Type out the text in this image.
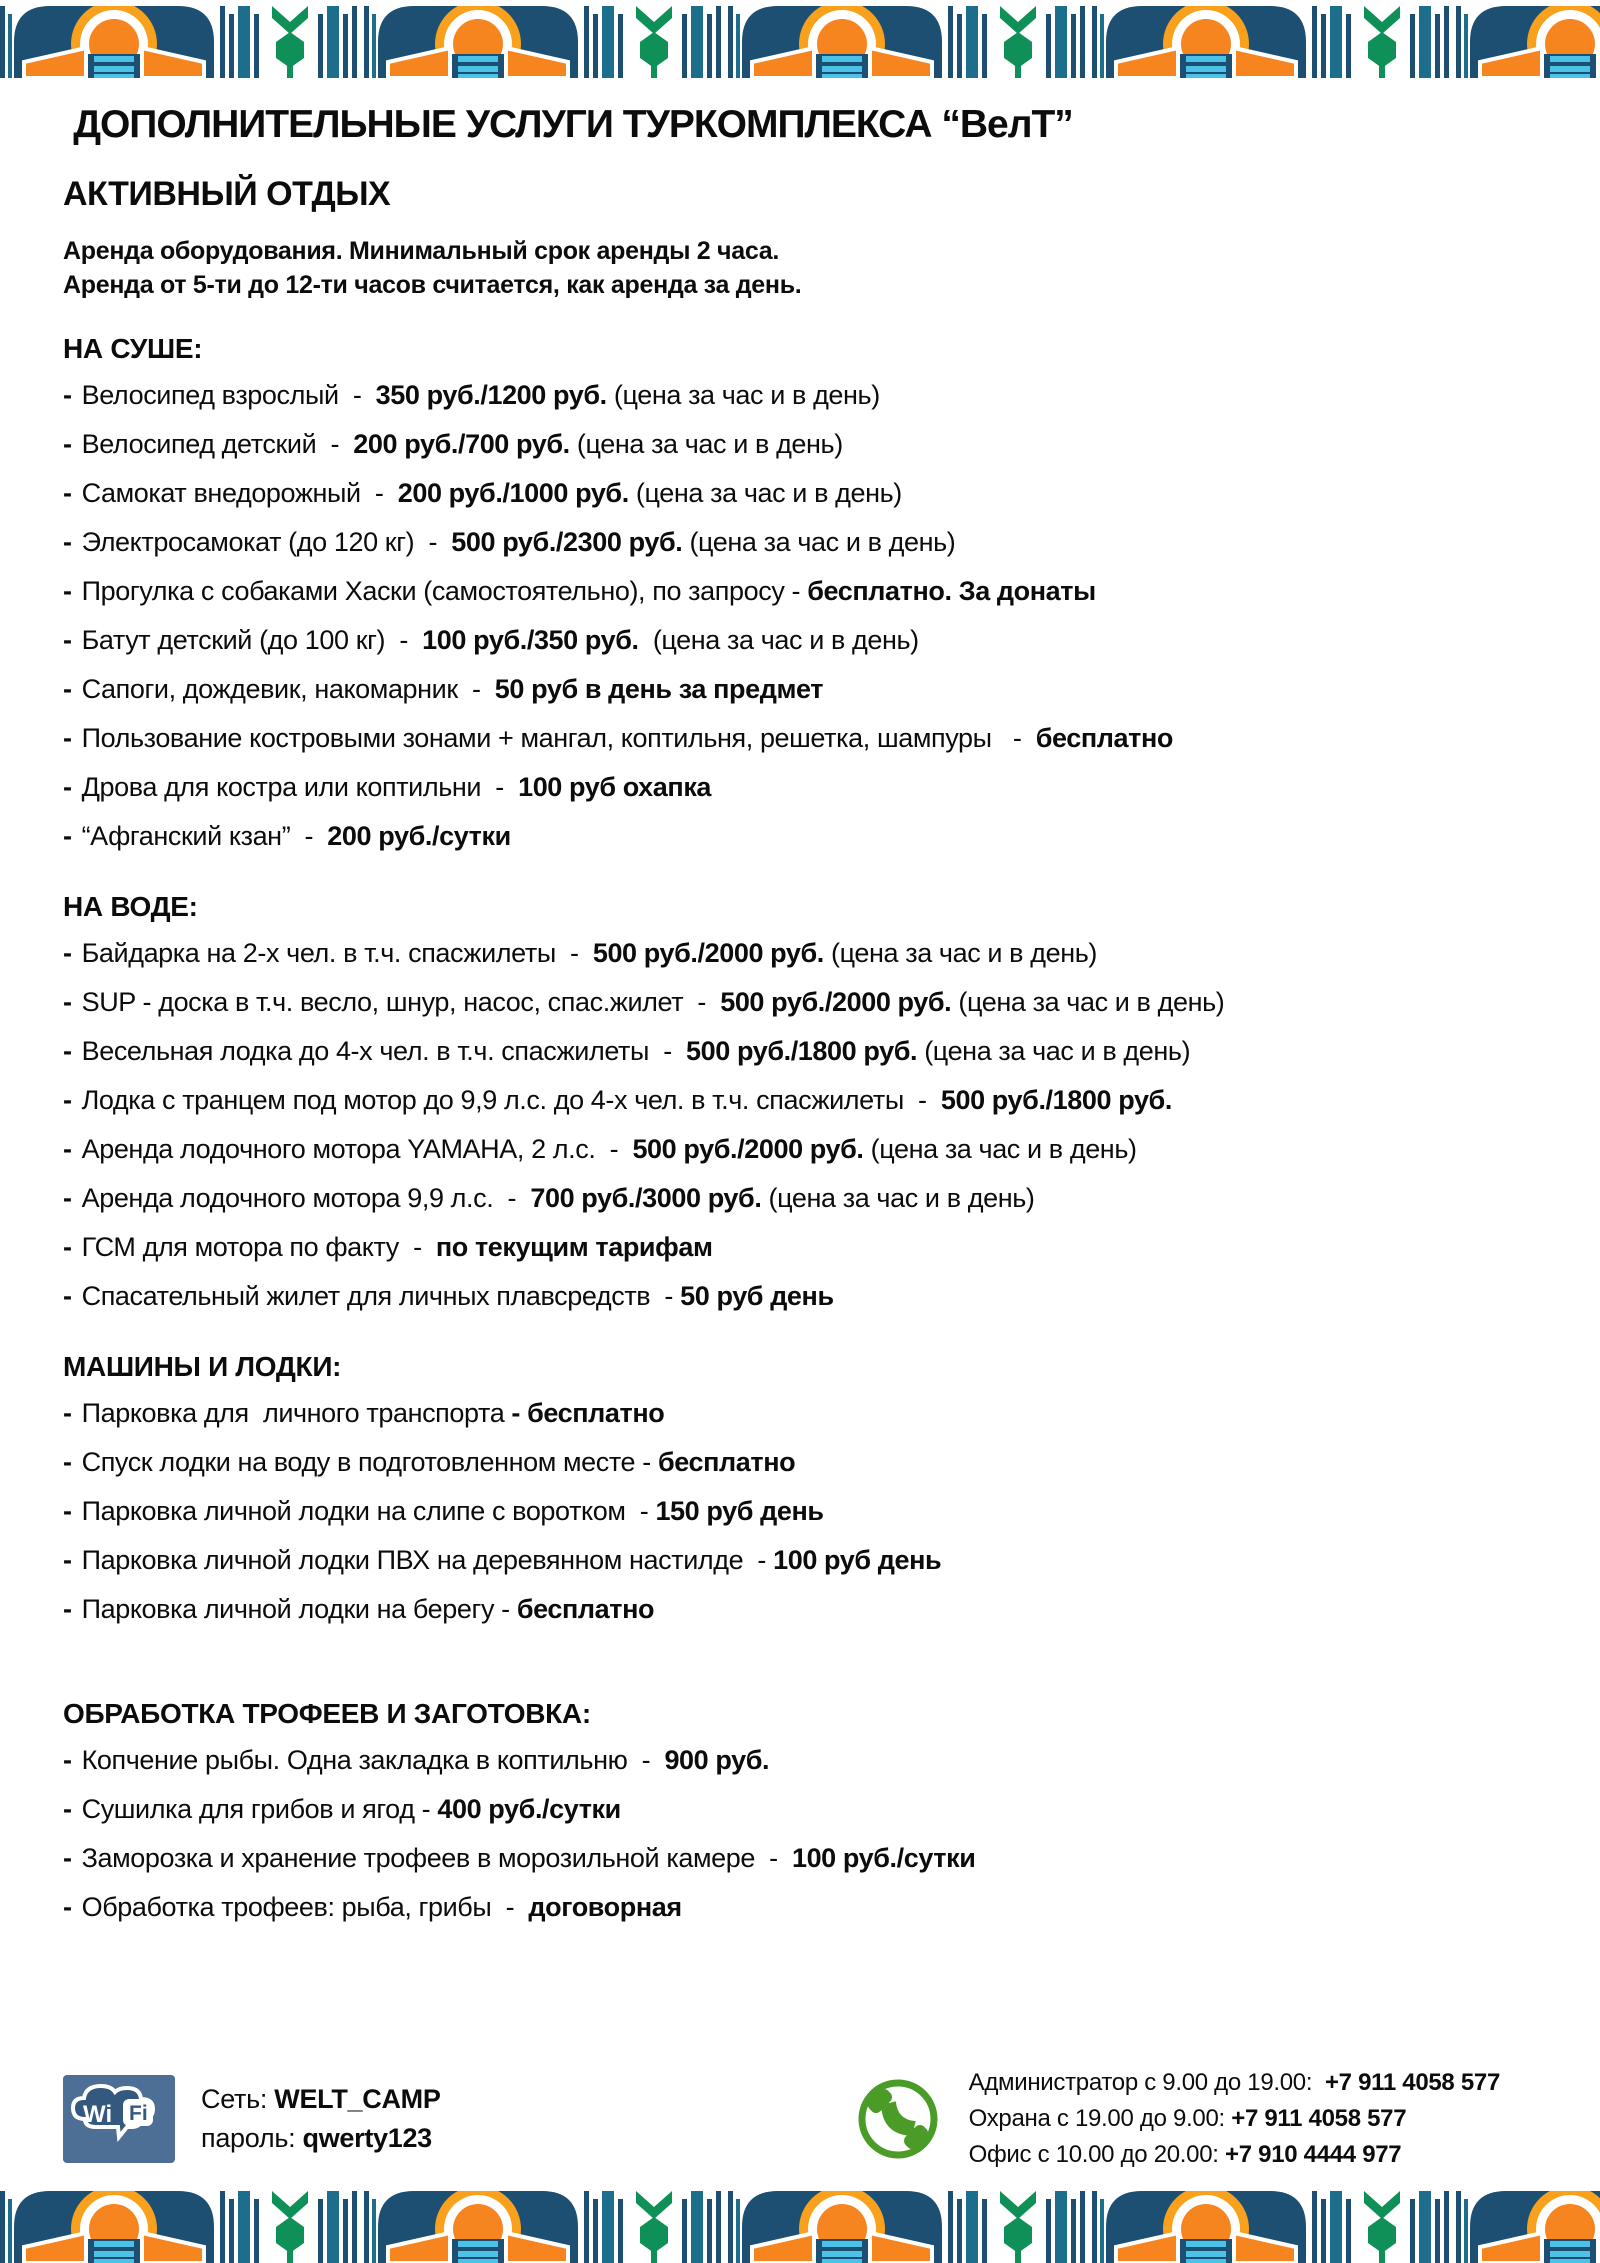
ДОПОЛНИТЕЛЬНЫЕ УСЛУГИ ТУРКОМПЛЕКСА “ВелТ”
АКТИВНЫЙ ОТДЫХ
Аренда оборудования. Минимальный срок аренды 2 часа.
Аренда от 5-ти до 12-ти часов считается, как аренда за день.
НА СУШЕ:
- Велосипед взрослый  -  350 руб./1200 руб. (цена за час и в день)
- Велосипед детский  -  200 руб./700 руб. (цена за час и в день)
- Самокат внедорожный  -  200 руб./1000 руб. (цена за час и в день)
- Электросамокат (до 120 кг)  -  500 руб./2300 руб. (цена за час и в день)
- Прогулка с собаками Хаски (самостоятельно), по запросу - бесплатно. За донаты
- Батут детский (до 100 кг)  -  100 руб./350 руб.  (цена за час и в день)
- Сапоги, дождевик, накомарник  -  50 руб в день за предмет
- Пользование костровыми зонами + мангал, коптильня, решетка, шампуры   -  бесплатно
- Дрова для костра или коптильни  -  100 руб охапка
- “Афганский кзан”  -  200 руб./сутки
НА ВОДЕ:
- Байдарка на 2-х чел. в т.ч. спасжилеты  -  500 руб./2000 руб. (цена за час и в день)
- SUP - доска в т.ч. весло, шнур, насос, спас.жилет  -  500 руб./2000 руб. (цена за час и в день)
- Весельная лодка до 4-х чел. в т.ч. спасжилеты  -  500 руб./1800 руб. (цена за час и в день)
- Лодка с транцем под мотор до 9,9 л.с. до 4-х чел. в т.ч. спасжилеты  -  500 руб./1800 руб.
- Аренда лодочного мотора YAMAHA, 2 л.с.  -  500 руб./2000 руб. (цена за час и в день)
- Аренда лодочного мотора 9,9 л.с.  -  700 руб./3000 руб. (цена за час и в день)
- ГСМ для мотора по факту  -  по текущим тарифам
- Спасательный жилет для личных плавсредств  - 50 руб день
МАШИНЫ И ЛОДКИ:
- Парковка для  личного транспорта - бесплатно
- Спуск лодки на воду в подготовленном месте - бесплатно
- Парковка личной лодки на слипе с воротком  - 150 руб день
- Парковка личной лодки ПВХ на деревянном настилде  - 100 руб день
- Парковка личной лодки на берегу - бесплатно
ОБРАБОТКА ТРОФЕЕВ И ЗАГОТОВКА:
- Копчение рыбы. Одна закладка в коптильню  -  900 руб.
- Сушилка для грибов и ягод - 400 руб./сутки
- Заморозка и хранение трофеев в морозильной камере  -  100 руб./сутки
- Обработка трофеев: рыба, грибы  -  договорная
Wi Fi Сеть: WELT_CAMP
пароль: qwerty123
Администратор с 9.00 до 19.00:  +7 911 4058 577
Охрана с 19.00 до 9.00: +7 911 4058 577
Офис с 10.00 до 20.00: +7 910 4444 977
